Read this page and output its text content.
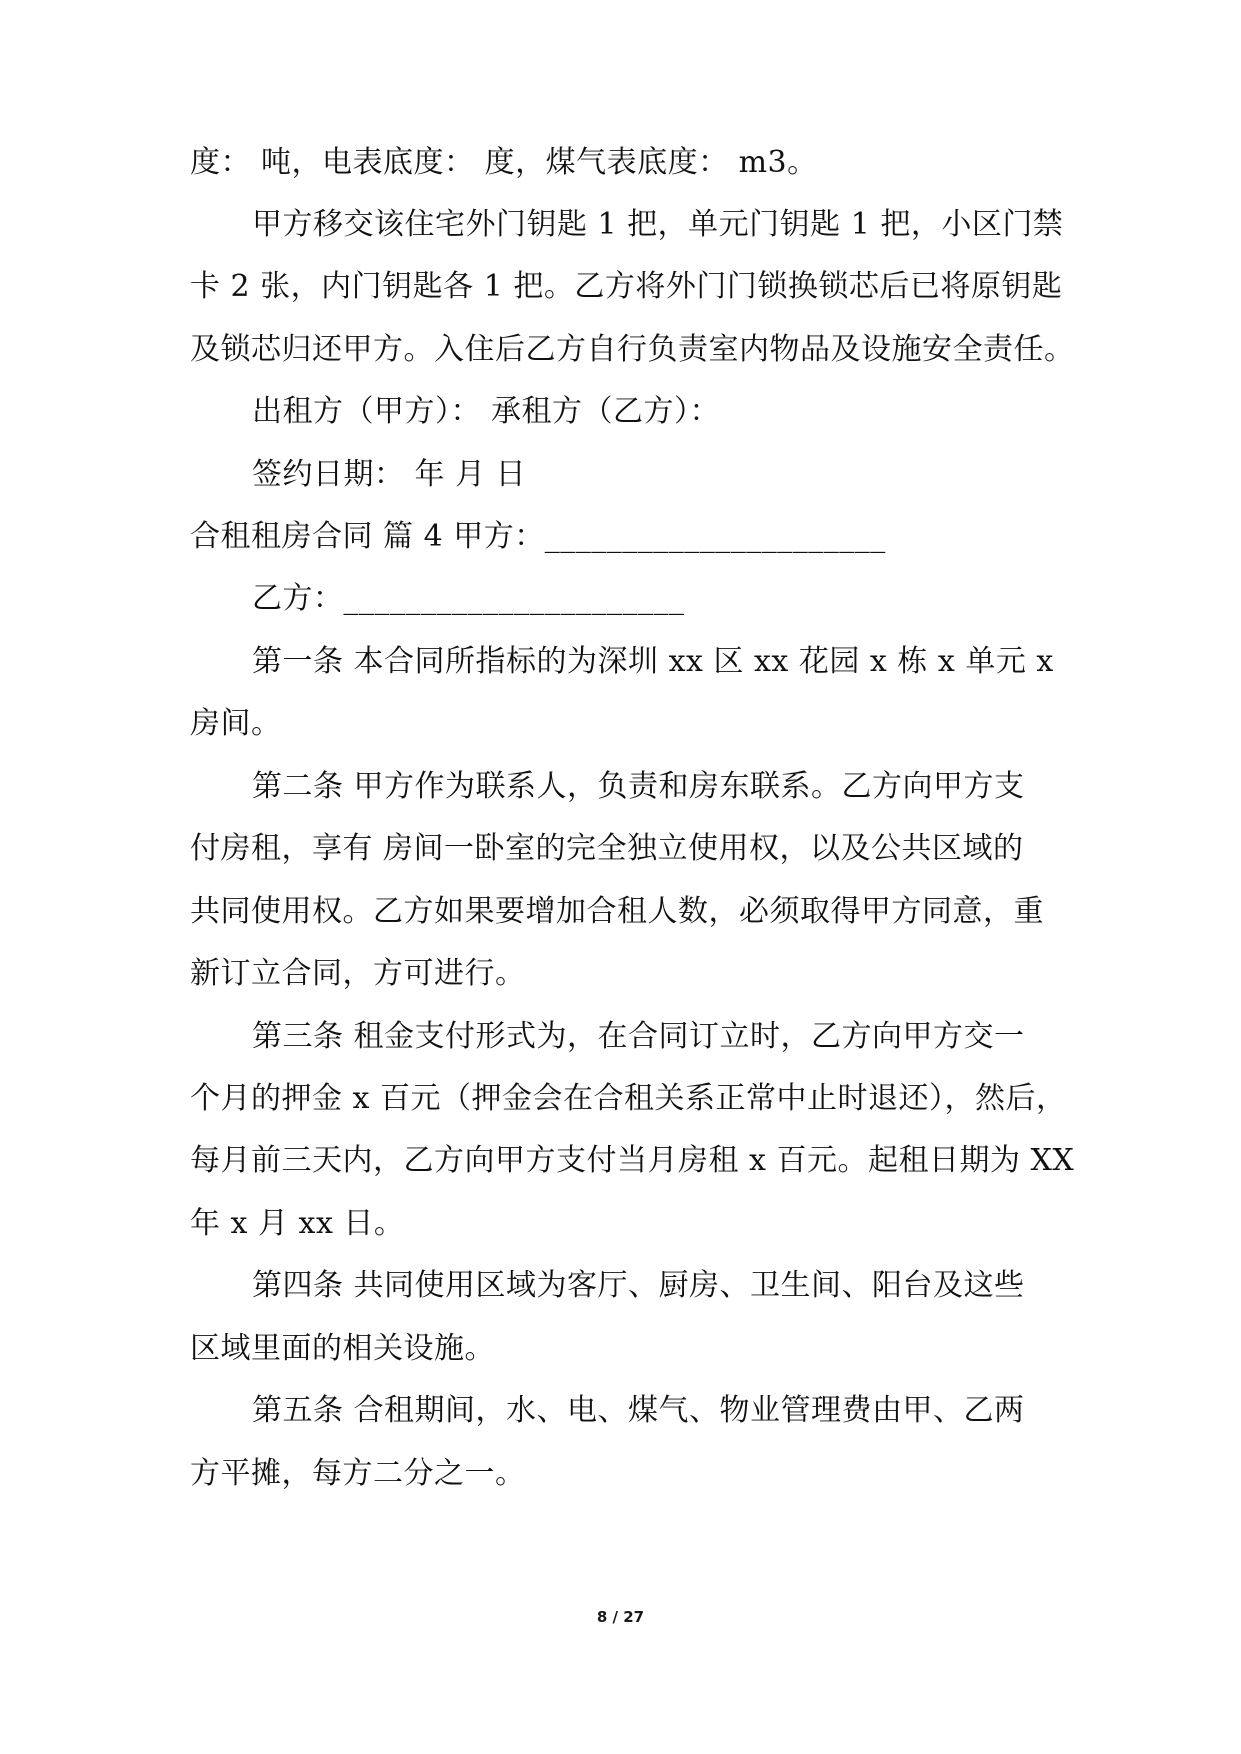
度： 吨，电表底度： 度，煤气表底度： m3。
甲方移交该住宅外门钥匙 1 把，单元门钥匙 1 把，小区门禁
卡 2 张，内门钥匙各 1 把。乙方将外门门锁换锁芯后已将原钥匙
及锁芯归还甲方。入住后乙方自行负责室内物品及设施安全责任。
出租方（甲方）： 承租方（乙方）：
签约日期： 年 月 日
合租租房合同 篇 4 甲方：______________________
乙方：______________________
第一条 本合同所指标的为深圳 xx 区 xx 花园 x 栋 x 单元 x
房间。
第二条 甲方作为联系人，负责和房东联系。乙方向甲方支
付房租，享有 房间一卧室的完全独立使用权，以及公共区域的
共同使用权。乙方如果要增加合租人数，必须取得甲方同意，重
新订立合同，方可进行。
第三条 租金支付形式为，在合同订立时，乙方向甲方交一
个月的押金 x 百元（押金会在合租关系正常中止时退还），然后，
每月前三天内，乙方向甲方支付当月房租 x 百元。起租日期为 XX
年 x 月 xx 日。
第四条 共同使用区域为客厅、厨房、卫生间、阳台及这些
区域里面的相关设施。
第五条 合租期间，水、电、煤气、物业管理费由甲、乙两
方平摊，每方二分之一。
8 / 27
